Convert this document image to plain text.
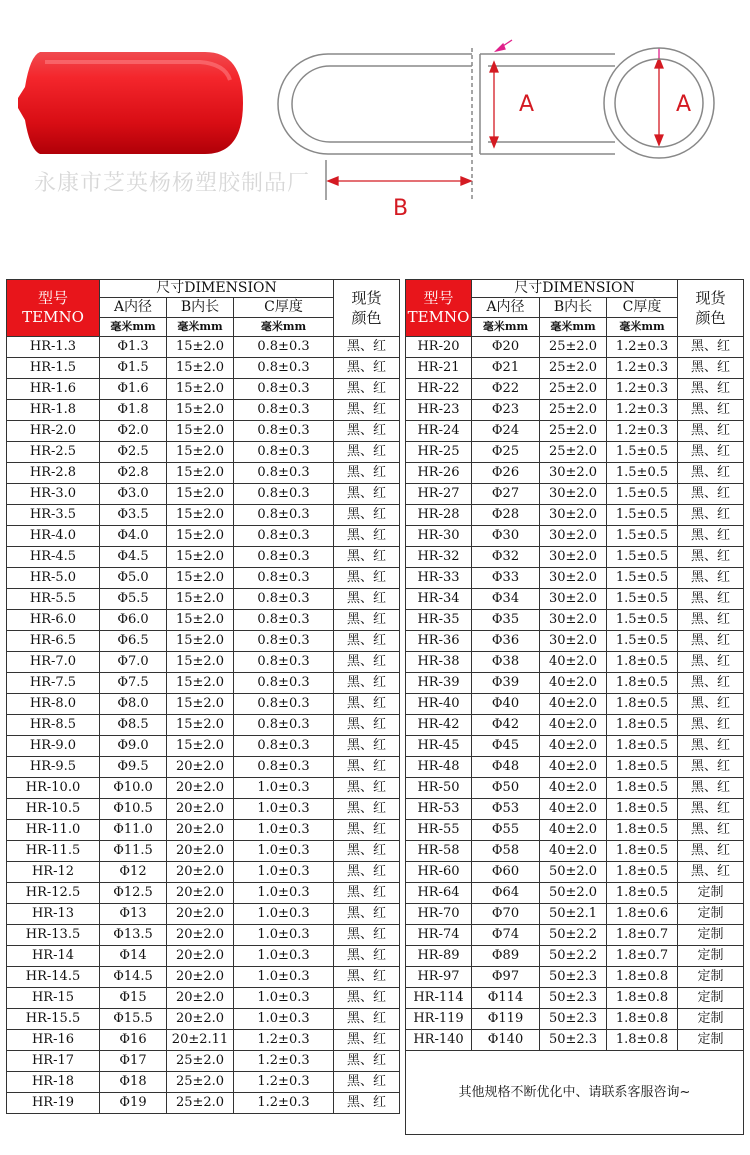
A	A
B
永康市芝英杨杨塑胶制品厂
型号
TEMNO	尺寸DIMENSION			现货
颜色
	A内径	B内长	C厚度	
	毫米mm	毫米mm	毫米mm	
HR-1.3	Φ1.3	15±2.0	0.8±0.3	黑、红
HR-1.5	Φ1.5	15±2.0	0.8±0.3	黑、红
HR-1.6	Φ1.6	15±2.0	0.8±0.3	黑、红
HR-1.8	Φ1.8	15±2.0	0.8±0.3	黑、红
HR-2.0	Φ2.0	15±2.0	0.8±0.3	黑、红
HR-2.5	Φ2.5	15±2.0	0.8±0.3	黑、红
HR-2.8	Φ2.8	15±2.0	0.8±0.3	黑、红
HR-3.0	Φ3.0	15±2.0	0.8±0.3	黑、红
HR-3.5	Φ3.5	15±2.0	0.8±0.3	黑、红
HR-4.0	Φ4.0	15±2.0	0.8±0.3	黑、红
HR-4.5	Φ4.5	15±2.0	0.8±0.3	黑、红
HR-5.0	Φ5.0	15±2.0	0.8±0.3	黑、红
HR-5.5	Φ5.5	15±2.0	0.8±0.3	黑、红
HR-6.0	Φ6.0	15±2.0	0.8±0.3	黑、红
HR-6.5	Φ6.5	15±2.0	0.8±0.3	黑、红
HR-7.0	Φ7.0	15±2.0	0.8±0.3	黑、红
HR-7.5	Φ7.5	15±2.0	0.8±0.3	黑、红
HR-8.0	Φ8.0	15±2.0	0.8±0.3	黑、红
HR-8.5	Φ8.5	15±2.0	0.8±0.3	黑、红
HR-9.0	Φ9.0	15±2.0	0.8±0.3	黑、红
HR-9.5	Φ9.5	20±2.0	0.8±0.3	黑、红
HR-10.0	Φ10.0	20±2.0	1.0±0.3	黑、红
HR-10.5	Φ10.5	20±2.0	1.0±0.3	黑、红
HR-11.0	Φ11.0	20±2.0	1.0±0.3	黑、红
HR-11.5	Φ11.5	20±2.0	1.0±0.3	黑、红
HR-12	Φ12	20±2.0	1.0±0.3	黑、红
HR-12.5	Φ12.5	20±2.0	1.0±0.3	黑、红
HR-13	Φ13	20±2.0	1.0±0.3	黑、红
HR-13.5	Φ13.5	20±2.0	1.0±0.3	黑、红
HR-14	Φ14	20±2.0	1.0±0.3	黑、红
HR-14.5	Φ14.5	20±2.0	1.0±0.3	黑、红
HR-15	Φ15	20±2.0	1.0±0.3	黑、红
HR-15.5	Φ15.5	20±2.0	1.0±0.3	黑、红
HR-16	Φ16	20±2.11	1.2±0.3	黑、红
HR-17	Φ17	25±2.0	1.2±0.3	黑、红
HR-18	Φ18	25±2.0	1.2±0.3	黑、红
HR-19	Φ19	25±2.0	1.2±0.3	黑、红
型号
TEMNO	尺寸DIMENSION			现货
颜色
	A内径	B内长	C厚度	
	毫米mm	毫米mm	毫米mm	
HR-20	Φ20	25±2.0	1.2±0.3	黑、红
HR-21	Φ21	25±2.0	1.2±0.3	黑、红
HR-22	Φ22	25±2.0	1.2±0.3	黑、红
HR-23	Φ23	25±2.0	1.2±0.3	黑、红
HR-24	Φ24	25±2.0	1.2±0.3	黑、红
HR-25	Φ25	25±2.0	1.5±0.5	黑、红
HR-26	Φ26	30±2.0	1.5±0.5	黑、红
HR-27	Φ27	30±2.0	1.5±0.5	黑、红
HR-28	Φ28	30±2.0	1.5±0.5	黑、红
HR-30	Φ30	30±2.0	1.5±0.5	黑、红
HR-32	Φ32	30±2.0	1.5±0.5	黑、红
HR-33	Φ33	30±2.0	1.5±0.5	黑、红
HR-34	Φ34	30±2.0	1.5±0.5	黑、红
HR-35	Φ35	30±2.0	1.5±0.5	黑、红
HR-36	Φ36	30±2.0	1.5±0.5	黑、红
HR-38	Φ38	40±2.0	1.8±0.5	黑、红
HR-39	Φ39	40±2.0	1.8±0.5	黑、红
HR-40	Φ40	40±2.0	1.8±0.5	黑、红
HR-42	Φ42	40±2.0	1.8±0.5	黑、红
HR-45	Φ45	40±2.0	1.8±0.5	黑、红
HR-48	Φ48	40±2.0	1.8±0.5	黑、红
HR-50	Φ50	40±2.0	1.8±0.5	黑、红
HR-53	Φ53	40±2.0	1.8±0.5	黑、红
HR-55	Φ55	40±2.0	1.8±0.5	黑、红
HR-58	Φ58	40±2.0	1.8±0.5	黑、红
HR-60	Φ60	50±2.0	1.8±0.5	黑、红
HR-64	Φ64	50±2.0	1.8±0.5	定制
HR-70	Φ70	50±2.1	1.8±0.6	定制
HR-74	Φ74	50±2.2	1.8±0.7	定制
HR-89	Φ89	50±2.2	1.8±0.7	定制
HR-97	Φ97	50±2.3	1.8±0.8	定制
HR-114	Φ114	50±2.3	1.8±0.8	定制
HR-119	Φ119	50±2.3	1.8±0.8	定制
HR-140	Φ140	50±2.3	1.8±0.8	定制
其他规格不断优化中、请联系客服咨询~				
